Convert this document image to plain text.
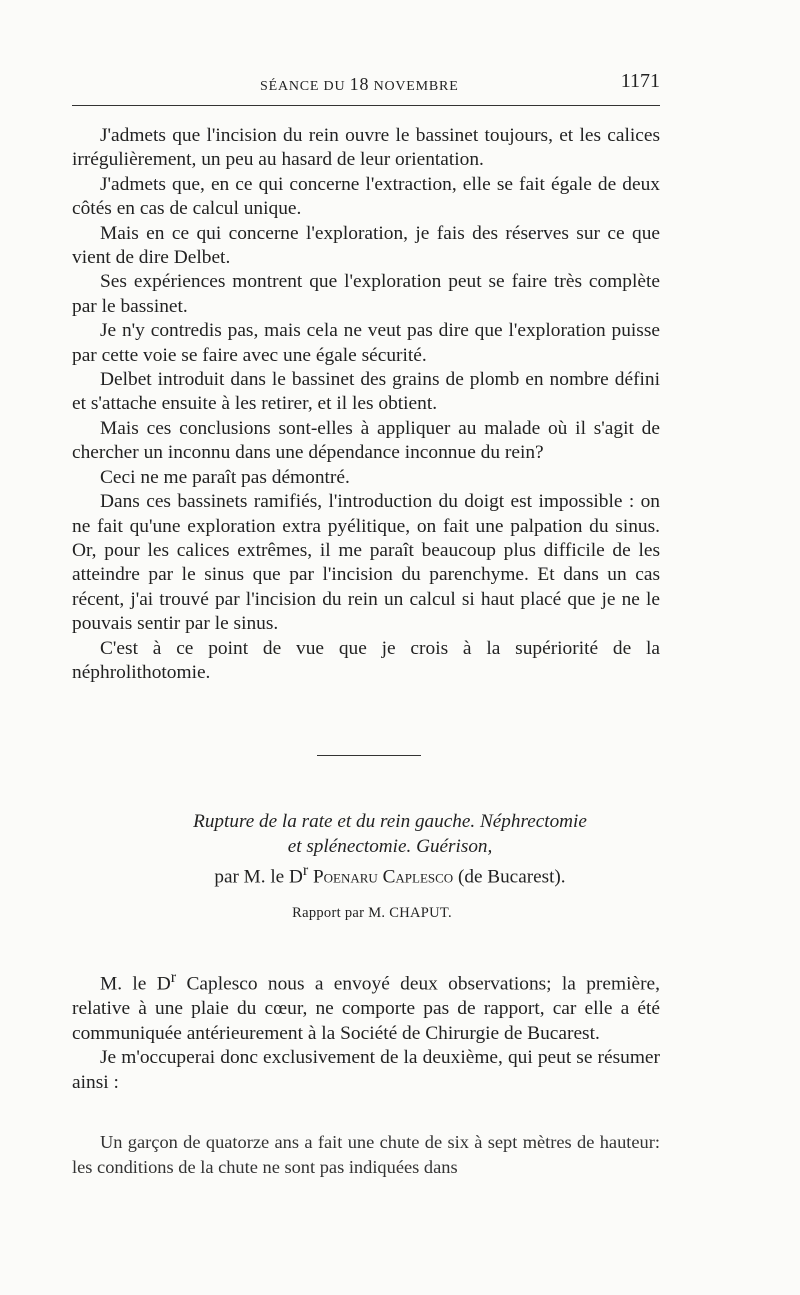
SÉANCE DU 18 NOVEMBRE	1171

J'admets que l'incision du rein ouvre le bassinet toujours, et les calices irrégulièrement, un peu au hasard de leur orientation.

J'admets que, en ce qui concerne l'extraction, elle se fait égale de deux côtés en cas de calcul unique.

Mais en ce qui concerne l'exploration, je fais des réserves sur ce que vient de dire Delbet.

Ses expériences montrent que l'exploration peut se faire très complète par le bassinet.

Je n'y contredis pas, mais cela ne veut pas dire que l'exploration puisse par cette voie se faire avec une égale sécurité.

Delbet introduit dans le bassinet des grains de plomb en nombre défini et s'attache ensuite à les retirer, et il les obtient.

Mais ces conclusions sont-elles à appliquer au malade où il s'agit de chercher un inconnu dans une dépendance inconnue du rein?

Ceci ne me paraît pas démontré.

Dans ces bassinets ramifiés, l'introduction du doigt est impossible : on ne fait qu'une exploration extra pyélitique, on fait une palpation du sinus. Or, pour les calices extrêmes, il me paraît beaucoup plus difficile de les atteindre par le sinus que par l'incision du parenchyme. Et dans un cas récent, j'ai trouvé par l'incision du rein un calcul si haut placé que je ne le pouvais sentir par le sinus.

C'est à ce point de vue que je crois à la supériorité de la néphrolithotomie.

Rupture de la rate et du rein gauche. Néphrectomie
et splénectomie. Guérison,
par M. le $D^r$ Poenaru Caplesco (de Bucarest).
Rapport par M. CHAPUT.

M. le $D^r$ Caplesco nous a envoyé deux observations; la première, relative à une plaie du cœur, ne comporte pas de rapport, car elle a été communiquée antérieurement à la Société de Chirurgie de Bucarest.

Je m'occuperai donc exclusivement de la deuxième, qui peut se résumer ainsi :

Un garçon de quatorze ans a fait une chute de six à sept mètres de hauteur: les conditions de la chute ne sont pas indiquées dans
